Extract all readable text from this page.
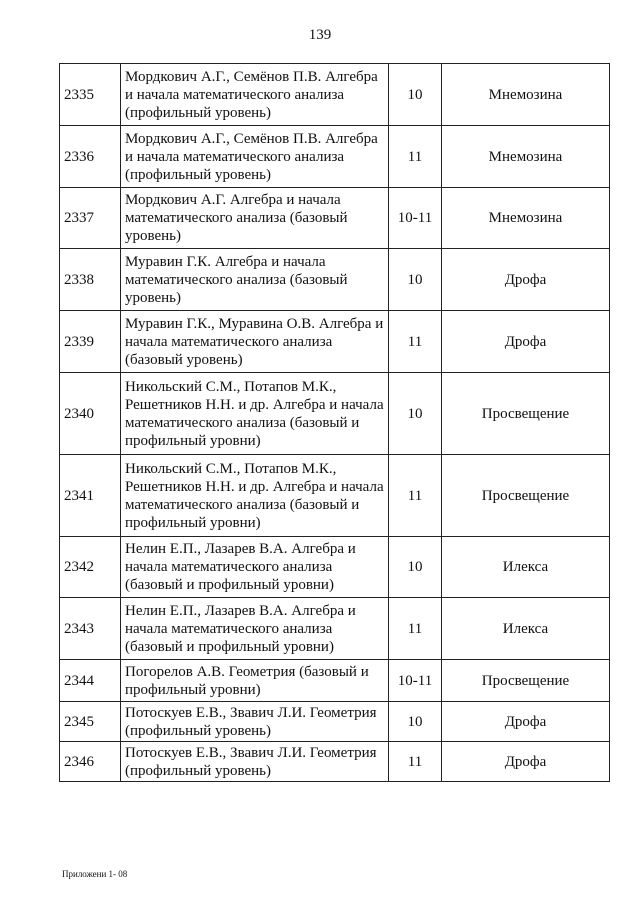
139
2335	Мордкович А.Г., Семёнов П.В. Алгебра и начала математического анализа (профильный уровень)	10	Мнемозина
2336	Мордкович А.Г., Семёнов П.В. Алгебра и начала математического анализа (профильный уровень)	11	Мнемозина
2337	Мордкович А.Г. Алгебра и начала математического анализа (базовый уровень)	10-11	Мнемозина
2338	Муравин Г.К. Алгебра и начала математического анализа (базовый уровень)	10	Дрофа
2339	Муравин Г.К., Муравина О.В. Алгебра и начала математического анализа (базовый уровень)	11	Дрофа
2340	Никольский С.М., Потапов М.К., Решетников Н.Н. и др. Алгебра и начала математического анализа (базовый и профильный уровни)	10	Просвещение
2341	Никольский С.М., Потапов М.К., Решетников Н.Н. и др. Алгебра и начала математического анализа (базовый и профильный уровни)	11	Просвещение
2342	Нелин Е.П., Лазарев В.А. Алгебра и начала математического анализа (базовый и профильный уровни)	10	Илекса
2343	Нелин Е.П., Лазарев В.А. Алгебра и начала математического анализа (базовый и профильный уровни)	11	Илекса
2344	Погорелов А.В. Геометрия (базовый и профильный уровни)	10-11	Просвещение
2345	Потоскуев Е.В., Звавич Л.И. Геометрия (профильный уровень)	10	Дрофа
2346	Потоскуев Е.В., Звавич Л.И. Геометрия (профильный уровень)	11	Дрофа
Приложени 1- 08
